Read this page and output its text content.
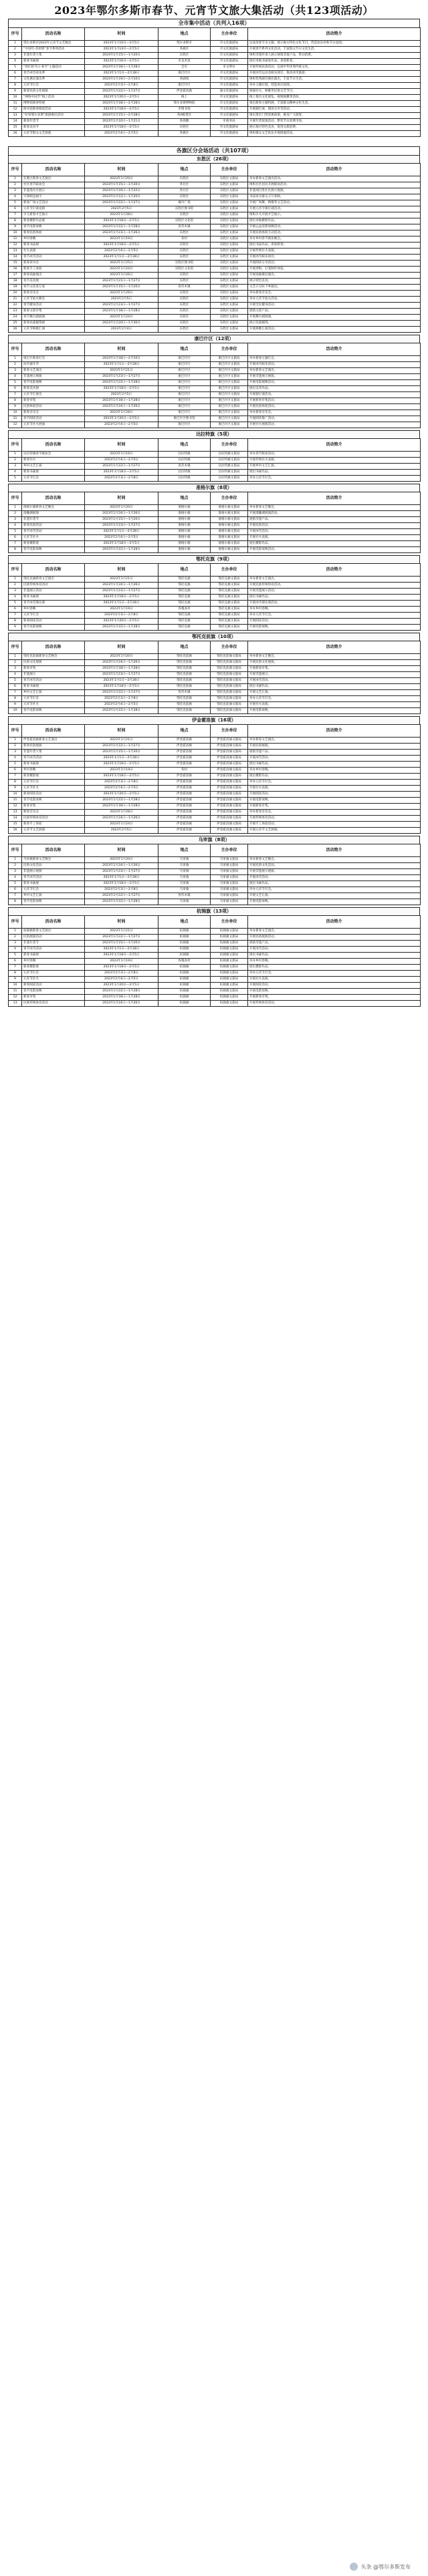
2023年鄂尔多斯市春节、元宵节文旅大集活动（共123项活动）
全市集中活动（共列入16项）
序号	活动名称	时间	地点	主办单位	活动简介
1	鄂尔多斯市2023年元宵节文艺晚会	2023年1月10日—2月5日	鄂尔多斯市	市文化旅游局	以欢度春节为主题，展示地方特色文化节目，营造欢乐祥和节日氛围。
2	“中国年·草原情”春节系列活动	2023年1月14日—2月5日	各旗区	市文化旅游局	开展春节系列文化活动，丰富群众节日文化生活。
3	非遗年货大集	2023年1月15日—1月20日	东胜区	市文化旅游局	组织非遗传承人展示展销非遗产品，带动消费。
4	新春书画展	2023年1月16日—2月5日	市美术馆	市文化旅游局	展出本地书画家作品，喜迎新春。
5	“我们的节日·春节”主题活动	2023年1月18日—1月28日	全市	市文明办	开展传统民俗活动，弘扬中华优秀传统文化。
6	春节冰雪欢乐季	2023年1月1日—2月28日	康巴什区	市文化旅游局	开展冰雪运动及娱乐项目，推动冰雪旅游。
7	文化惠民演出季	2023年1月19日—2月10日	各剧场	市文化旅游局	组织优秀剧目惠民演出，丰富节日生活。
8	元宵节灯会	2023年2月3日—2月8日	康巴什区	市文化旅游局	举办主题灯展，营造喜庆氛围。
9	新春民俗文化展演	2023年1月22日—1月27日	伊金霍洛旗	旗文化旅游局	展演社火、秧歌等民俗文艺节目。
10	“网络中国节”线上活动	2023年1月20日—2月5日	线上	市文化旅游局	线上推出文化展览、视频展播等活动。
11	博物馆新春特展	2023年1月18日—2月28日	鄂尔多斯博物院	市文化旅游局	推出新春主题特展，丰富群众精神文化生活。
12	图书馆新春阅读活动	2023年1月18日—2月5日	市图书馆	市文化旅游局	开展猜灯谜、阅读分享等活动。
13	“好客鄂尔多斯”旅游惠民活动	2023年1月15日—2月28日	各A级景区	市文化旅游局	推出景区门票优惠政策，惠及广大游客。
14	新春年货节	2023年1月10日—1月21日	各商圈	市商务局	开展年货促销活动，繁荣节日消费市场。
15	新春美食节	2023年1月18日—2月5日	东胜区	市文化旅游局	展示地方特色美食，促进文旅消费。
16	元宵节群众文艺展演	2023年2月4日—2月5日	各旗区	市文化旅游局	组织群众文艺队伍开展展演活动。
各旗区分会场活动（共107项）
东胜区（26项）
序号	活动名称	时间	地点	主办单位	活动简介
1	东胜区新春文艺演出	2023年1月20日	东胜区	东胜区文旅局	举办新春文艺演出活动。
2	社区春节联欢会	2023年1月15日—1月20日	各社区	东胜区文旅局	组织社区居民开展联欢活动。
3	非遗进社区展示	2023年1月16日—1月22日	各社区	东胜区文旅局	非遗项目进社区展示展演。
4	写春联送福字	2023年1月12日—1月20日	东胜区	东胜区文旅局	书法家为群众义写春联。
5	新春广场文艺活动	2023年1月22日—1月27日	城市广场	东胜区文旅局	开展广场舞、秧歌等文艺活动。
6	元宵节灯谜竞猜	2023年2月5日	东胜区图书馆	东胜区文旅局	开展元宵节猜灯谜活动。
7	少儿新春才艺展示	2023年1月28日	东胜区	东胜区文旅局	组织少儿开展才艺展示。
8	新春摄影作品展	2023年1月18日—2月5日	东胜区文化馆	东胜区文旅局	展出本地摄影作品。
9	春节电影放映	2023年1月22日—1月28日	各苏木镇	东胜区文旅局	开展公益电影放映活动。
10	新春民俗体验	2023年1月23日—1月26日	东胜区	东胜区文旅局	开展民俗体验互动活动。
11	乡村春晚	2023年1月19日	各村	东胜区文旅局	举办乡村春节联欢晚会。
12	新春书法展	2023年1月18日—2月5日	东胜区	东胜区文旅局	展出书法作品，喜迎新春。
13	社火表演	2023年2月4日—2月5日	东胜区	东胜区文旅局	开展传统社火表演。
14	春节冰雪活动	2023年1月1日—2月28日	东胜区	东胜区文旅局	开展冰雪娱乐项目。
15	新春读书会	2023年1月25日	东胜区图书馆	东胜区文旅局	开展阅读分享活动。
16	新春手工体验	2023年1月24日	东胜区文化馆	东胜区文旅局	开展剪纸、灯笼制作体验。
17	新春戏曲演出	2023年1月26日	东胜区	东胜区文旅局	开展戏曲惠民演出。
18	春节美食展	2023年1月21日—1月27日	东胜区	东胜区文旅局	展示特色美食。
19	春节文化进万家	2023年1月15日—1月20日	各苏木镇	东胜区文旅局	文艺小分队下乡演出。
20	新春音乐会	2023年1月29日	东胜区	东胜区文旅局	举办新春音乐会。
21	元宵节焰火晚会	2023年2月5日	东胜区	东胜区文旅局	举办元宵节焰火活动。
22	春节健身活动	2023年1月23日—1月27日	东胜区	东胜区文旅局	开展全民健身活动。
23	新春文创市集	2023年1月18日—1月28日	东胜区	东胜区文旅局	展销文创产品。
24	春节舞台剧展演	2023年1月24日	东胜区	东胜区文旅局	开展舞台剧展演。
25	新春民族服饰展	2023年1月20日—1月30日	东胜区	东胜区文旅局	展示民族服饰。
26	元宵节秧歌汇演	2023年2月4日	东胜区	东胜区文旅局	开展秧歌汇演活动。
康巴什区（12项）
序号	活动名称	时间	地点	主办单位	活动简介
1	康巴什新春灯会	2023年1月18日—2月10日	康巴什区	康巴什区文旅局	举办新春主题灯会。
2	冰雪嘉年华	2023年1月1日—2月28日	康巴什区	康巴什区文旅局	开展冰雪娱乐活动。
3	新春文艺演出	2023年1月21日	康巴什区	康巴什区文旅局	举办新春文艺演出。
4	非遗展示展演	2023年1月23日—1月27日	康巴什区	康巴什区文旅局	开展非遗展示展演。
5	春节电影展映	2023年1月22日—1月28日	康巴什区	康巴什区文旅局	开展电影展映活动。
6	新春美术展	2023年1月18日—2月5日	康巴什区	康巴什区文旅局	展出美术作品。
7	元宵节灯谜会	2023年2月5日	康巴什区	康巴什区文旅局	开展猜灯谜活动。
8	新春市集	2023年1月18日—1月28日	康巴什区	康巴什区文旅局	开展新春市集活动。
9	民俗体验活动	2023年1月24日—1月26日	康巴什区	康巴什区文旅局	开展民俗体验活动。
10	新春音乐会	2023年1月28日	康巴什区	康巴什区文旅局	举办新春音乐会。
11	春节阅读活动	2023年1月20日—2月5日	康巴什区图书馆	康巴什区文旅局	开展阅读推广活动。
12	元宵节社火展演	2023年2月4日—2月5日	康巴什区	康巴什区文旅局	开展社火展演活动。
达拉特旗（5项）
序号	活动名称	时间	地点	主办单位	活动简介
1	达拉特旗春节联欢会	2023年1月19日	达拉特旗	达拉特旗文旅局	举办春节联欢活动。
2	新春社火	2023年2月4日—2月5日	达拉特旗	达拉特旗文旅局	开展传统社火表演。
3	乡村文艺汇演	2023年1月22日—1月27日	各苏木镇	达拉特旗文旅局	开展乡村文艺汇演。
4	新春书画展	2023年1月18日—2月5日	达拉特旗	达拉特旗文旅局	展出书画作品。
5	元宵节灯会	2023年2月3日—2月8日	达拉特旗	达拉特旗文旅局	举办元宵节灯会。
准格尔旗（8项）
序号	活动名称	时间	地点	主办单位	活动简介
1	准格尔旗新春文艺晚会	2023年1月20日	准格尔旗	准格尔旗文旅局	举办新春文艺晚会。
2	漫瀚调展演	2023年1月24日—1月26日	准格尔旗	准格尔旗文旅局	开展漫瀚调展演活动。
3	非遗年货节	2023年1月15日—1月20日	准格尔旗	准格尔旗文旅局	展销非遗产品。
4	新春民俗活动	2023年1月23日—1月27日	准格尔旗	准格尔旗文旅局	开展民俗活动。
5	春节冰雪活动	2023年1月1日—2月28日	准格尔旗	准格尔旗文旅局	开展冰雪活动。
6	元宵节社火	2023年2月4日—2月5日	准格尔旗	准格尔旗文旅局	开展社火表演。
7	新春摄影展	2023年1月18日—2月5日	准格尔旗	准格尔旗文旅局	展出摄影作品。
8	春节电影放映	2023年1月22日—1月28日	准格尔旗	准格尔旗文旅局	开展电影放映活动。
鄂托克旗（9项）
序号	活动名称	时间	地点	主办单位	活动简介
1	鄂托克旗新春文艺演出	2023年1月21日	鄂托克旗	鄂托克旗文旅局	举办新春文艺演出。
2	民族传统体育活动	2023年1月24日—1月26日	鄂托克旗	鄂托克旗文旅局	开展民族传统体育活动。
3	非遗展示活动	2023年1月23日—1月27日	鄂托克旗	鄂托克旗文旅局	开展非遗展示活动。
4	新春书画展	2023年1月18日—2月5日	鄂托克旗	鄂托克旗文旅局	展出书画作品。
5	春节冰雪那达慕	2023年1月1日—2月28日	鄂托克旗	鄂托克旗文旅局	开展冰雪那达慕活动。
6	乡村春晚	2023年1月19日	各嘎查村	鄂托克旗文旅局	举办乡村春晚。
7	元宵节灯会	2023年2月3日—2月8日	鄂托克旗	鄂托克旗文旅局	举办元宵节灯会。
8	新春阅读活动	2023年1月20日—2月5日	鄂托克旗	鄂托克旗文旅局	开展阅读活动。
9	春节电影展映	2023年1月22日—1月28日	鄂托克旗	鄂托克旗文旅局	开展电影展映。
鄂托克前旗（10项）
序号	活动名称	时间	地点	主办单位	活动简介
1	鄂托克前旗新春文艺晚会	2023年1月20日	鄂托克前旗	鄂托克前旗文旅局	举办新春文艺晚会。
2	民俗文化展演	2023年1月24日—1月26日	鄂托克前旗	鄂托克前旗文旅局	开展民俗文化展演。
3	新春市集	2023年1月18日—1月28日	鄂托克前旗	鄂托克前旗文旅局	开展新春市集。
4	非遗展示	2023年1月23日—1月27日	鄂托克前旗	鄂托克前旗文旅局	开展非遗展示。
5	春节冰雪活动	2023年1月1日—2月28日	鄂托克前旗	鄂托克前旗文旅局	开展冰雪活动。
6	新春书画展	2023年1月18日—2月5日	鄂托克前旗	鄂托克前旗文旅局	展出书画作品。
7	乡村文艺汇演	2023年1月22日—1月27日	各苏木镇	鄂托克前旗文旅局	开展文艺汇演。
8	元宵节灯会	2023年2月3日—2月8日	鄂托克前旗	鄂托克前旗文旅局	举办元宵节灯会。
9	元宵节社火	2023年2月4日—2月5日	鄂托克前旗	鄂托克前旗文旅局	开展社火表演。
10	春节电影放映	2023年1月22日—1月28日	鄂托克前旗	鄂托克前旗文旅局	开展电影放映。
伊金霍洛旗（16项）
序号	活动名称	时间	地点	主办单位	活动简介
1	伊金霍洛旗新春文艺演出	2023年1月21日	伊金霍洛旗	伊金霍洛旗文旅局	举办新春文艺演出。
2	新春民俗展演	2023年1月22日—1月27日	伊金霍洛旗	伊金霍洛旗文旅局	开展民俗展演。
3	非遗年货大集	2023年1月15日—1月20日	伊金霍洛旗	伊金霍洛旗文旅局	展销非遗产品。
4	春节冰雪活动	2023年1月1日—2月28日	伊金霍洛旗	伊金霍洛旗文旅局	开展冰雪活动。
5	新春书画展	2023年1月18日—2月5日	伊金霍洛旗	伊金霍洛旗文旅局	展出书画作品。
6	乡村春晚	2023年1月19日	各村	伊金霍洛旗文旅局	举办乡村春晚。
7	新春摄影展	2023年1月18日—2月5日	伊金霍洛旗	伊金霍洛旗文旅局	展出摄影作品。
8	元宵节灯会	2023年2月3日—2月8日	伊金霍洛旗	伊金霍洛旗文旅局	举办元宵节灯会。
9	元宵节社火	2023年2月4日—2月5日	伊金霍洛旗	伊金霍洛旗文旅局	开展社火表演。
10	新春阅读活动	2023年1月20日—2月5日	伊金霍洛旗	伊金霍洛旗文旅局	开展阅读活动。
11	春节电影放映	2023年1月22日—1月28日	伊金霍洛旗	伊金霍洛旗文旅局	开展电影放映。
12	新春市集	2023年1月18日—1月28日	伊金霍洛旗	伊金霍洛旗文旅局	开展新春市集。
13	新春音乐会	2023年1月28日	伊金霍洛旗	伊金霍洛旗文旅局	举办新春音乐会。
14	民族传统体育活动	2023年1月24日—1月26日	伊金霍洛旗	伊金霍洛旗文旅局	开展传统体育活动。
15	新春手工体验	2023年1月24日	伊金霍洛旗	伊金霍洛旗文旅局	开展手工体验活动。
16	元宵节文艺展演	2023年2月5日	伊金霍洛旗	伊金霍洛旗文旅局	开展元宵节文艺展演。
乌审旗（8项）
序号	活动名称	时间	地点	主办单位	活动简介
1	乌审旗新春文艺晚会	2023年1月20日	乌审旗	乌审旗文旅局	举办新春文艺晚会。
2	民俗文化活动	2023年1月24日—1月26日	乌审旗	乌审旗文旅局	开展民俗文化活动。
3	非遗展示展演	2023年1月23日—1月27日	乌审旗	乌审旗文旅局	开展非遗展示展演。
4	春节冰雪活动	2023年1月1日—2月28日	乌审旗	乌审旗文旅局	开展冰雪活动。
5	新春书画展	2023年1月18日—2月5日	乌审旗	乌审旗文旅局	展出书画作品。
6	元宵节灯会	2023年2月3日—2月8日	乌审旗	乌审旗文旅局	举办元宵节灯会。
7	乡村文艺汇演	2023年1月22日—1月27日	各苏木镇	乌审旗文旅局	开展文艺汇演。
8	春节电影放映	2023年1月22日—1月28日	乌审旗	乌审旗文旅局	开展电影放映。
杭锦旗（13项）
序号	活动名称	时间	地点	主办单位	活动简介
1	杭锦旗新春文艺演出	2023年1月21日	杭锦旗	杭锦旗文旅局	举办新春文艺演出。
2	民俗展演活动	2023年1月22日—1月27日	杭锦旗	杭锦旗文旅局	开展民俗展演活动。
3	非遗年货节	2023年1月15日—1月20日	杭锦旗	杭锦旗文旅局	展销非遗产品。
4	春节冰雪活动	2023年1月1日—2月28日	杭锦旗	杭锦旗文旅局	开展冰雪活动。
5	新春书画展	2023年1月18日—2月5日	杭锦旗	杭锦旗文旅局	展出书画作品。
6	乡村春晚	2023年1月19日	各嘎查村	杭锦旗文旅局	举办乡村春晚。
7	新春摄影展	2023年1月18日—2月5日	杭锦旗	杭锦旗文旅局	展出摄影作品。
8	元宵节灯会	2023年2月3日—2月8日	杭锦旗	杭锦旗文旅局	举办元宵节灯会。
9	元宵节社火	2023年2月4日—2月5日	杭锦旗	杭锦旗文旅局	开展社火表演。
10	新春阅读活动	2023年1月20日—2月5日	杭锦旗	杭锦旗文旅局	开展阅读活动。
11	春节电影放映	2023年1月22日—1月28日	杭锦旗	杭锦旗文旅局	开展电影放映。
12	新春市集	2023年1月18日—1月28日	杭锦旗	杭锦旗文旅局	开展新春市集。
13	民族传统体育活动	2023年1月24日—1月26日	杭锦旗	杭锦旗文旅局	开展传统体育活动。
头条 @鄂尔多斯发布
